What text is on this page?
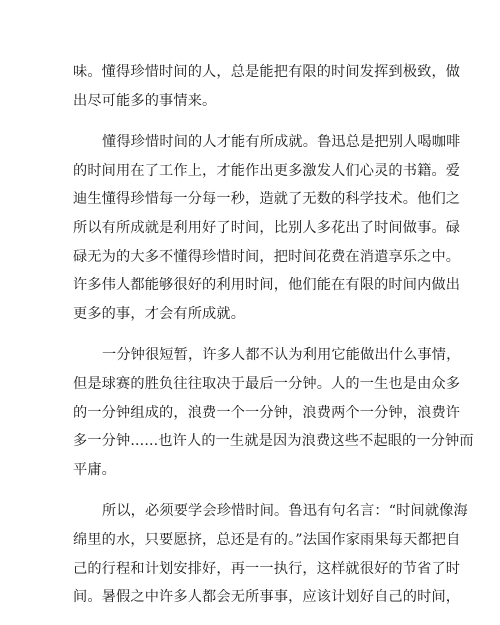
味。懂得珍惜时间的人，总是能把有限的时间发挥到极致，做
出尽可能多的事情来。
懂得珍惜时间的人才能有所成就。鲁迅总是把别人喝咖啡
的时间用在了工作上，才能作出更多激发人们心灵的书籍。爱
迪生懂得珍惜每一分每一秒，造就了无数的科学技术。他们之
所以有所成就是利用好了时间，比别人多花出了时间做事。碌
碌无为的大多不懂得珍惜时间，把时间花费在消遣享乐之中。
许多伟人都能够很好的利用时间，他们能在有限的时间内做出
更多的事，才会有所成就。
一分钟很短暂，许多人都不认为利用它能做出什么事情，
但是球赛的胜负往往取决于最后一分钟。人的一生也是由众多
的一分钟组成的，浪费一个一分钟，浪费两个一分钟，浪费许
多一分钟......也许人的一生就是因为浪费这些不起眼的一分钟而
平庸。
所以，必须要学会珍惜时间。鲁迅有句名言：“时间就像海
绵里的水，只要愿挤，总还是有的。”法国作家雨果每天都把自
己的行程和计划安排好，再一一执行，这样就很好的节省了时
间。暑假之中许多人都会无所事事，应该计划好自己的时间，
